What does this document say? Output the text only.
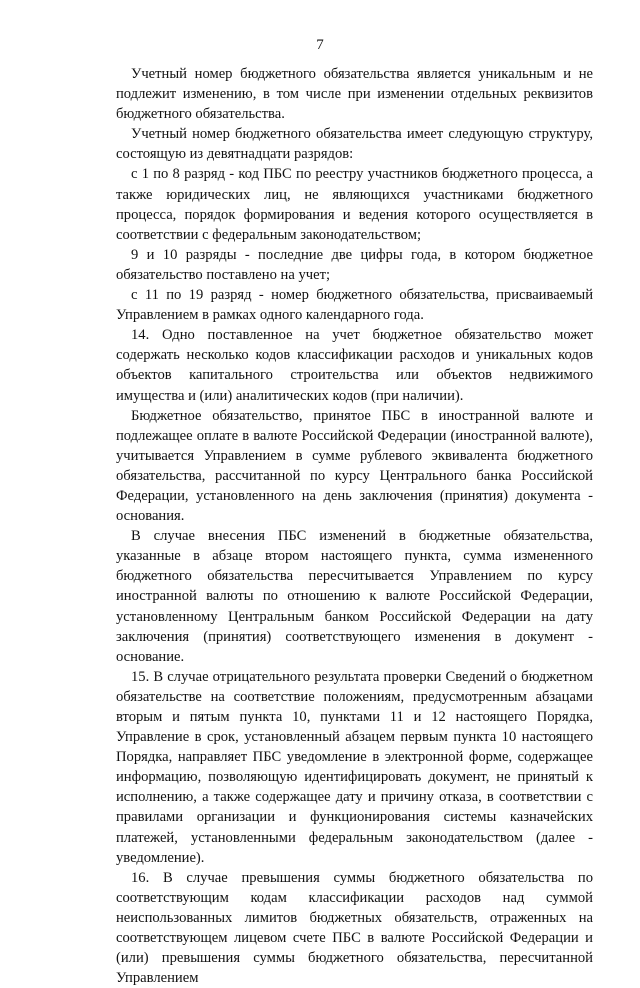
7

Учетный номер бюджетного обязательства является уникальным и не подлежит изменению, в том числе при изменении отдельных реквизитов бюджетного обязательства.

Учетный номер бюджетного обязательства имеет следующую структуру, состоящую из девятнадцати разрядов:

с 1 по 8 разряд - код ПБС по реестру участников бюджетного процесса, а также юридических лиц, не являющихся участниками бюджетного процесса, порядок формирования и ведения которого осуществляется в соответствии с федеральным законодательством;

9 и 10 разряды - последние две цифры года, в котором бюджетное обязательство поставлено на учет;

с 11 по 19 разряд - номер бюджетного обязательства, присваиваемый Управлением в рамках одного календарного года.

14. Одно поставленное на учет бюджетное обязательство может содержать несколько кодов классификации расходов и уникальных кодов объектов капитального строительства или объектов недвижимого имущества и (или) аналитических кодов (при наличии).

Бюджетное обязательство, принятое ПБС в иностранной валюте и подлежащее оплате в валюте Российской Федерации (иностранной валюте), учитывается Управлением в сумме рублевого эквивалента бюджетного обязательства, рассчитанной по курсу Центрального банка Российской Федерации, установленного на день заключения (принятия) документа - основания.

В случае внесения ПБС изменений в бюджетные обязательства, указанные в абзаце втором настоящего пункта, сумма измененного бюджетного обязательства пересчитывается Управлением по курсу иностранной валюты по отношению к валюте Российской Федерации, установленному Центральным банком Российской Федерации на дату заключения (принятия) соответствующего изменения в документ - основание.

15. В случае отрицательного результата проверки Сведений о бюджетном обязательстве на соответствие положениям, предусмотренным абзацами вторым и пятым пункта 10, пунктами 11 и 12 настоящего Порядка, Управление в срок, установленный абзацем первым пункта 10 настоящего Порядка, направляет ПБС уведомление в электронной форме, содержащее информацию, позволяющую идентифицировать документ, не принятый к исполнению, а также содержащее дату и причину отказа, в соответствии с правилами организации и функционирования системы казначейских платежей, установленными федеральным законодательством (далее - уведомление).

16. В случае превышения суммы бюджетного обязательства по соответствующим кодам классификации расходов над суммой неиспользованных лимитов бюджетных обязательств, отраженных на соответствующем лицевом счете ПБС в валюте Российской Федерации и (или) превышения суммы бюджетного обязательства, пересчитанной Управлением
